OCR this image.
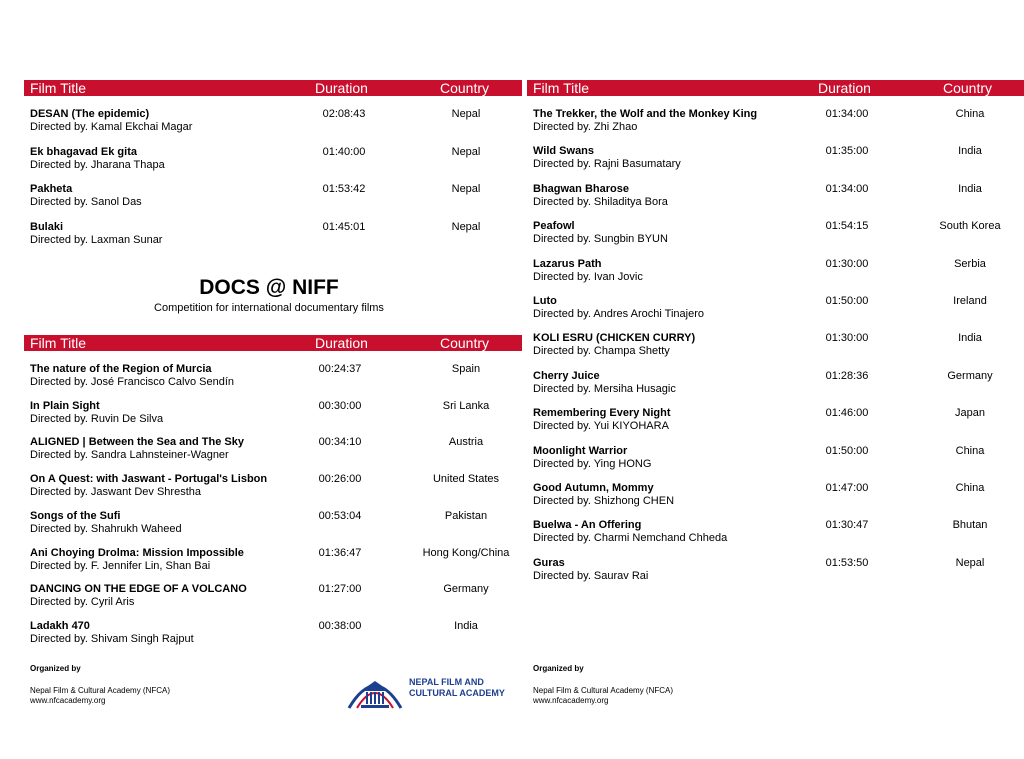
Film Title	Duration	Country
DESAN (The epidemic)
Directed by. Kamal Ekchai Magar
02:08:43	Nepal
Ek bhagavad Ek gita
Directed by. Jharana Thapa
01:40:00	Nepal
Pakheta
Directed by. Sanol Das
01:53:42	Nepal
Bulaki
Directed by. Laxman Sunar
01:45:01	Nepal
DOCS @ NIFF
Competition for international documentary films
Film Title	Duration	Country
The nature of the Region of Murcia
Directed by. José Francisco Calvo Sendín
00:24:37	Spain
In Plain Sight
Directed by. Ruvin De Silva
00:30:00	Sri Lanka
ALIGNED | Between the Sea and The Sky
Directed by. Sandra Lahnsteiner-Wagner
00:34:10	Austria
On A Quest: with Jaswant - Portugal's Lisbon
Directed by. Jaswant Dev Shrestha
00:26:00	United States
Songs of the Sufi
Directed by. Shahrukh Waheed
00:53:04	Pakistan
Ani Choying Drolma: Mission Impossible
Directed by. F. Jennifer Lin, Shan Bai
01:36:47	Hong Kong/China
DANCING ON THE EDGE OF A VOLCANO
Directed by. Cyril Aris
01:27:00	Germany
Ladakh 470
Directed by. Shivam Singh Rajput
00:38:00	India
Film Title	Duration	Country
The Trekker, the Wolf and the Monkey King
Directed by. Zhi Zhao
01:34:00	China
Wild Swans
Directed by. Rajni Basumatary
01:35:00	India
Bhagwan Bharose
Directed by. Shiladitya Bora
01:34:00	India
Peafowl
Directed by. Sungbin BYUN
01:54:15	South Korea
Lazarus Path
Directed by. Ivan Jovic
01:30:00	Serbia
Luto
Directed by. Andres Arochi Tinajero
01:50:00	Ireland
KOLI ESRU (CHICKEN CURRY)
Directed by. Champa Shetty
01:30:00	India
Cherry Juice
Directed by. Mersiha Husagic
01:28:36	Germany
Remembering Every Night
Directed by. Yui KIYOHARA
01:46:00	Japan
Moonlight Warrior
Directed by. Ying HONG
01:50:00	China
Good Autumn, Mommy
Directed by. Shizhong CHEN
01:47:00	China
Buelwa - An Offering
Directed by. Charmi Nemchand Chheda
01:30:47	Bhutan
Guras
Directed by. Saurav Rai
01:53:50	Nepal
Organized by
Nepal Film & Cultural Academy (NFCA)
www.nfcacademy.org
NEPAL FILM AND
CULTURAL ACADEMY
Organized by
Nepal Film & Cultural Academy (NFCA)
www.nfcacademy.org
